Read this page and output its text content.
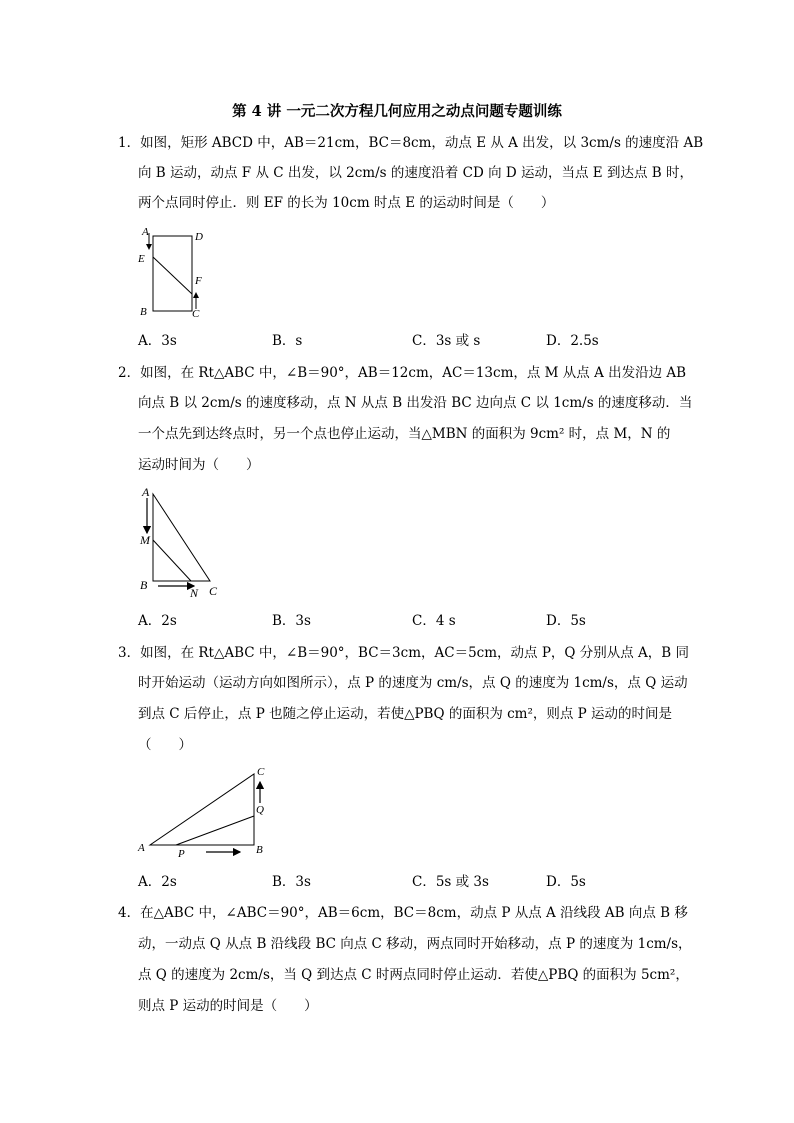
第 4 讲 一元二次方程几何应用之动点问题专题训练
1．如图，矩形 ABCD 中，AB＝21cm，BC＝8cm，动点 E 从 A 出发，以 3cm/s 的速度沿 AB
向 B 运动，动点 F 从 C 出发，以 2cm/s 的速度沿着 CD 向 D 运动，当点 E 到达点 B 时，
两个点同时停止．则 EF 的长为 10cm 时点 E 的运动时间是（　　）
A	D
E
F
B	C
A．3s	B．s	C．3s 或 s	D．2.5s
2．如图，在 Rt△ABC 中，∠B＝90°，AB＝12cm，AC＝13cm，点 M 从点 A 出发沿边 AB
向点 B 以 2cm/s 的速度移动，点 N 从点 B 出发沿 BC 边向点 C 以 1cm/s 的速度移动．当
一个点先到达终点时，另一个点也停止运动，当△MBN 的面积为 9cm² 时，点 M，N 的
运动时间为（　　）
A
M
B
N C
A．2s	B．3s	C．4 s	D．5s
3．如图，在 Rt△ABC 中，∠B＝90°，BC＝3cm，AC＝5cm，动点 P，Q 分别从点 A，B 同
时开始运动（运动方向如图所示），点 P 的速度为 cm/s，点 Q 的速度为 1cm/s，点 Q 运动
到点 C 后停止，点 P 也随之停止运动，若使△PBQ 的面积为 cm²，则点 P 运动的时间是
（　　）
A	P	B
Q
C
A．2s	B．3s	C．5s 或 3s	D．5s
4．在△ABC 中，∠ABC＝90°，AB＝6cm，BC＝8cm，动点 P 从点 A 沿线段 AB 向点 B 移
动，一动点 Q 从点 B 沿线段 BC 向点 C 移动，两点同时开始移动，点 P 的速度为 1cm/s，
点 Q 的速度为 2cm/s，当 Q 到达点 C 时两点同时停止运动．若使△PBQ 的面积为 5cm²，
则点 P 运动的时间是（　　）
